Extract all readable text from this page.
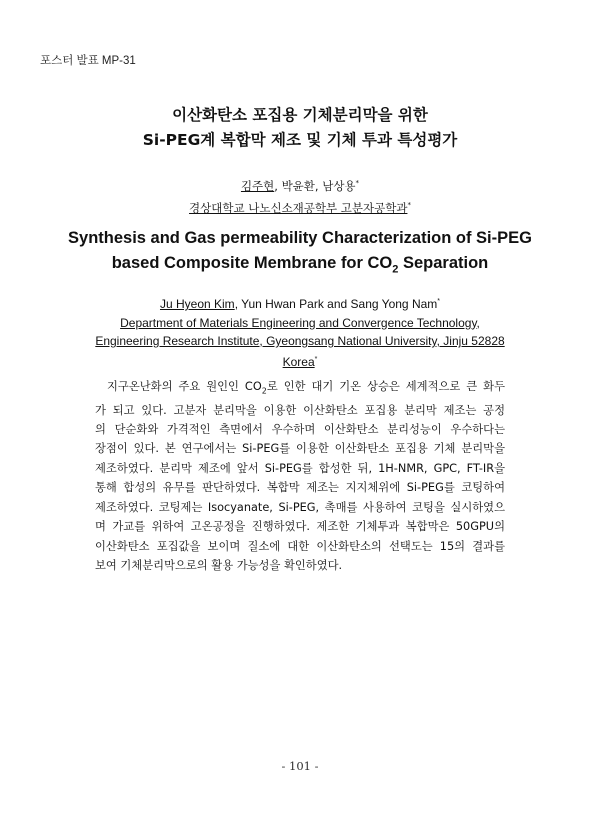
포스터 발표 MP-31
이산화탄소 포집용 기체분리막을 위한
Si-PEG계 복합막 제조 및 기체 투과 특성평가
김주현, 박윤환, 남상용*
경상대학교 나노신소재공학부 고분자공학과*
Synthesis and Gas permeability Characterization of Si-PEG
based Composite Membrane for $CO_2$ Separation
Ju Hyeon Kim, Yun Hwan Park and Sang Yong Nam*
Department of Materials Engineering and Convergence Technology,
Engineering Research Institute, Gyeongsang National University, Jinju 52828
Korea*
지구온난화의 주요 원인인 $CO_2$로 인한 대기 기온 상승은 세계적으로 큰 화두
가 되고 있다. 고분자 분리막을 이용한 이산화탄소 포집용 분리막 제조는 공정
의 단순화와 가격적인 측면에서 우수하며 이산화탄소 분리성능이 우수하다는
장점이 있다. 본 연구에서는 Si-PEG를 이용한 이산화탄소 포집용 기체 분리막을
제조하였다. 분리막 제조에 앞서 Si-PEG를 합성한 뒤, 1H-NMR, GPC, FT-IR을
통해 합성의 유무를 판단하였다. 복합막 제조는 지지체위에 Si-PEG를 코팅하여
제조하였다. 코팅제는 Isocyanate, Si-PEG, 촉매를 사용하여 코팅을 실시하였으
며 가교를 위하여 고온공정을 진행하였다. 제조한 기체투과 복합막은 50GPU의
이산화탄소 포집값을 보이며 질소에 대한 이산화탄소의 선택도는 15의 결과를
보여 기체분리막으로의 활용 가능성을 확인하였다.
- 101 -
